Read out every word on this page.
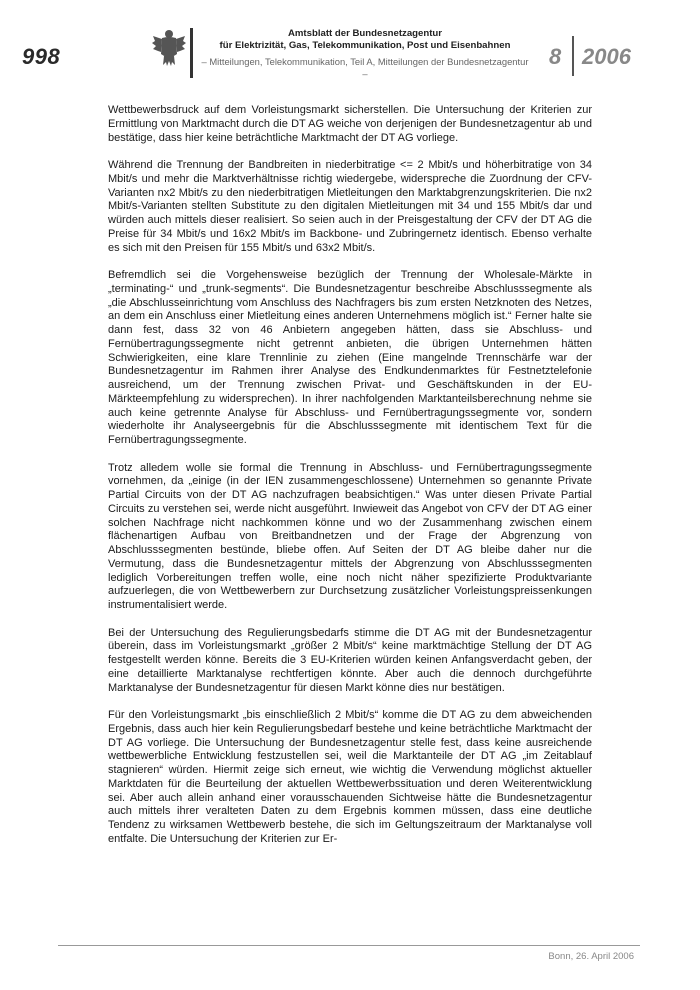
998
Amtsblatt der Bundesnetzagentur
für Elektrizität, Gas, Telekommunikation, Post und Eisenbahnen
– Mitteilungen, Telekommunikation, Teil A, Mitteilungen der Bundesnetzagentur –
8 2006

Wettbewerbsdruck auf dem Vorleistungsmarkt sicherstellen. Die Untersuchung der Kriterien zur Ermittlung von Marktmacht durch die DT AG weiche von derjenigen der Bundesnetzagentur ab und bestätige, dass hier keine beträchtliche Marktmacht der DT AG vorliege.

Während die Trennung der Bandbreiten in niederbitratige <= 2 Mbit/s und höherbitratige von 34 Mbit/s und mehr die Marktverhältnisse richtig wiedergebe, widerspreche die Zuordnung der CFV-Varianten nx2 Mbit/s zu den niederbitratigen Mietleitungen den Marktabgrenzungskriterien. Die nx2 Mbit/s-Varianten stellten Substitute zu den digitalen Mietleitungen mit 34 und 155 Mbit/s dar und würden auch mittels dieser realisiert. So seien auch in der Preisgestaltung der CFV der DT AG die Preise für 34 Mbit/s und 16x2 Mbit/s im Backbone- und Zubringernetz identisch. Ebenso verhalte es sich mit den Preisen für 155 Mbit/s und 63x2 Mbit/s.

Befremdlich sei die Vorgehensweise bezüglich der Trennung der Wholesale-Märkte in „terminating-“ und „trunk-segments“. Die Bundesnetzagentur beschreibe Abschlusssegmente als „die Abschlusseinrichtung vom Anschluss des Nachfragers bis zum ersten Netzknoten des Netzes, an dem ein Anschluss einer Mietleitung eines anderen Unternehmens möglich ist.“ Ferner halte sie dann fest, dass 32 von 46 Anbietern angegeben hätten, dass sie Abschluss- und Fernübertragungssegmente nicht getrennt anbieten, die übrigen Unternehmen hätten Schwierigkeiten, eine klare Trennlinie zu ziehen (Eine mangelnde Trennschärfe war der Bundesnetzagentur im Rahmen ihrer Analyse des Endkundenmarktes für Festnetztelefonie ausreichend, um der Trennung zwischen Privat- und Geschäftskunden in der EU-Märkteempfehlung zu widersprechen). In ihrer nachfolgenden Marktanteilsberechnung nehme sie auch keine getrennte Analyse für Abschluss- und Fernübertragungssegmente vor, sondern wiederholte ihr Analyseergebnis für die Abschlusssegmente mit identischem Text für die Fernübertragungssegmente.

Trotz alledem wolle sie formal die Trennung in Abschluss- und Fernübertragungssegmente vornehmen, da „einige (in der IEN zusammengeschlossene) Unternehmen so genannte Private Partial Circuits von der DT AG nachzufragen beabsichtigen.“ Was unter diesen Private Partial Circuits zu verstehen sei, werde nicht ausgeführt. Inwieweit das Angebot von CFV der DT AG einer solchen Nachfrage nicht nachkommen könne und wo der Zusammenhang zwischen einem flächenartigen Aufbau von Breitbandnetzen und der Frage der Abgrenzung von Abschlusssegmenten bestünde, bliebe offen. Auf Seiten der DT AG bleibe daher nur die Vermutung, dass die Bundesnetzagentur mittels der Abgrenzung von Abschlusssegmenten lediglich Vorbereitungen treffen wolle, eine noch nicht näher spezifizierte Produktvariante aufzuerlegen, die von Wettbewerbern zur Durchsetzung zusätzlicher Vorleistungspreissenkungen instrumentalisiert werde.

Bei der Untersuchung des Regulierungsbedarfs stimme die DT AG mit der Bundesnetzagentur überein, dass im Vorleistungsmarkt „größer 2 Mbit/s“ keine marktmächtige Stellung der DT AG festgestellt werden könne. Bereits die 3 EU-Kriterien würden keinen Anfangsverdacht geben, der eine detaillierte Marktanalyse rechtfertigen könnte. Aber auch die dennoch durchgeführte Marktanalyse der Bundesnetzagentur für diesen Markt könne dies nur bestätigen.

Für den Vorleistungsmarkt „bis einschließlich 2 Mbit/s“ komme die DT AG zu dem abweichenden Ergebnis, dass auch hier kein Regulierungsbedarf bestehe und keine beträchtliche Marktmacht der DT AG vorliege. Die Untersuchung der Bundesnetzagentur stelle fest, dass keine ausreichende wettbewerbliche Entwicklung festzustellen sei, weil die Marktanteile der DT AG „im Zeitablauf stagnieren“ würden. Hiermit zeige sich erneut, wie wichtig die Verwendung möglichst aktueller Marktdaten für die Beurteilung der aktuellen Wettbewerbssituation und deren Weiterentwicklung sei. Aber auch allein anhand einer vorausschauenden Sichtweise hätte die Bundesnetzagentur auch mittels ihrer veralteten Daten zu dem Ergebnis kommen müssen, dass eine deutliche Tendenz zu wirksamen Wettbewerb bestehe, die sich im Geltungszeitraum der Marktanalyse voll entfalte. Die Untersuchung der Kriterien zur Er-

Bonn, 26. April 2006
